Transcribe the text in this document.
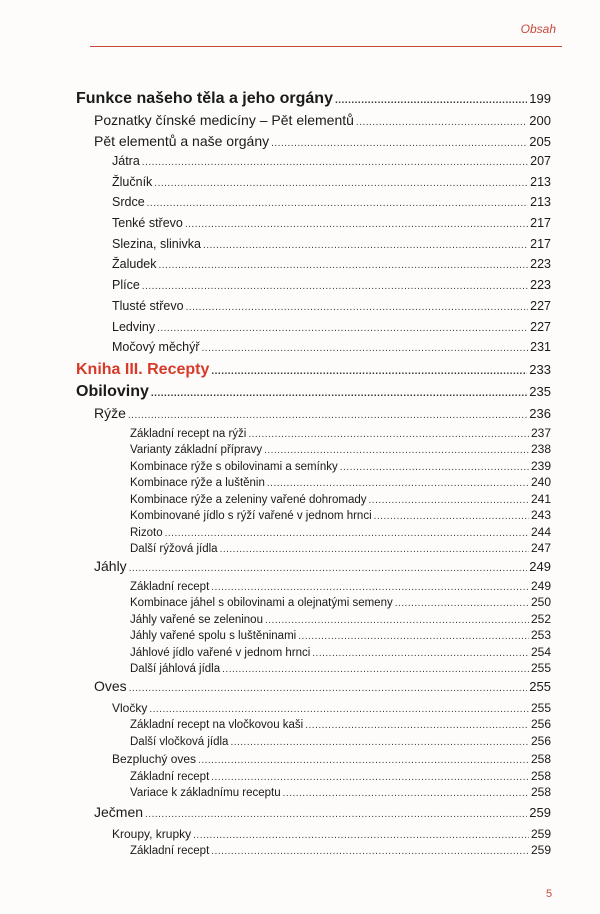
Obsah
Funkce našeho těla a jeho orgány .....	199
Poznatky čínské medicíny – Pět elementů .....	200
Pět elementů a naše orgány .....	205
Játra .....	207
Žlučník .....	213
Srdce .....	213
Tenké střevo .....	217
Slezina, slinivka .....	217
Žaludek .....	223
Plíce .....	223
Tlusté střevo .....	227
Ledviny .....	227
Močový měchýř .....	231
Kniha III. Recepty .....	233
Obiloviny .....	235
Rýže .....	236
Základní recept na rýži .....	237
Varianty základní přípravy .....	238
Kombinace rýže s obilovinami a semínky .....	239
Kombinace rýže a luštěnin .....	240
Kombinace rýže a zeleniny vařené dohromady .....	241
Kombinované jídlo s rýží vařené v jednom hrnci .....	243
Rizoto .....	244
Další rýžová jídla .....	247
Jáhly .....	249
Základní recept .....	249
Kombinace jáhel s obilovinami a olejnatými semeny .....	250
Jáhly vařené se zeleninou .....	252
Jáhly vařené spolu s luštěninami .....	253
Jáhlové jídlo vařené v jednom hrnci .....	254
Další jáhlová jídla .....	255
Oves .....	255
Vločky .....	255
Základní recept na vločkovou kaši .....	256
Další vločková jídla .....	256
Bezpluchý oves .....	258
Základní recept .....	258
Variace k základnímu receptu .....	258
Ječmen .....	259
Kroupy, krupky .....	259
Základní recept .....	259
5
